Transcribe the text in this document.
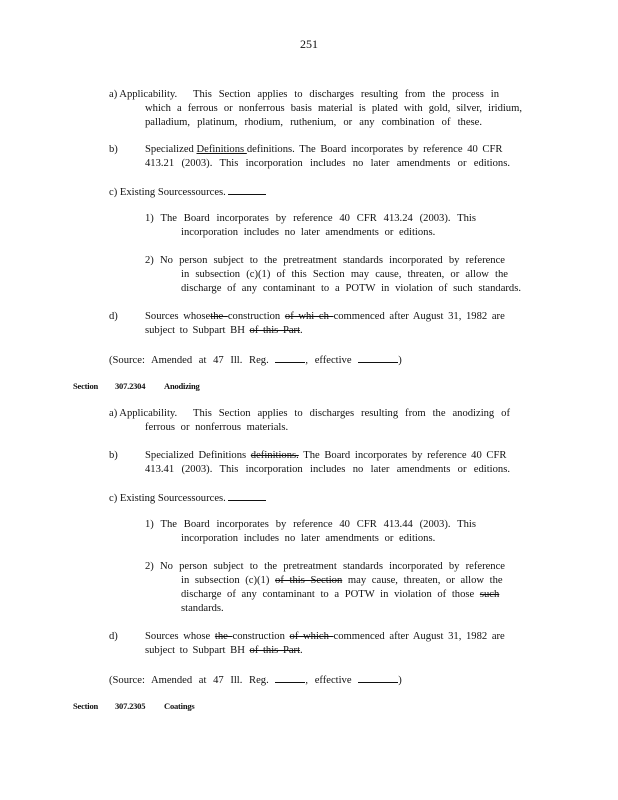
251
a) Applicability. This Section applies to discharges resulting from the process in
which a ferrous or nonferrous basis material is plated with gold, silver, iridium,
palladium, platinum, rhodium, ruthenium, or any combination of these.
b)	Specialized Definitions definitions. The Board incorporates by reference 40 CFR
413.21 (2003). This incorporation includes no later amendments or editions.
c) Existing Sourcessources.
1) The Board incorporates by reference 40 CFR 413.24 (2003). This
incorporation includes no later amendments or editions.
2) No person subject to the pretreatment standards incorporated by reference
in subsection (c)(1) of this Section may cause, threaten, or allow the
discharge of any contaminant to a POTW in violation of such standards.
d)	Sources whosethe construction of whi ch commenced after August 31, 1982 are
subject to Subpart BH of this Part.
(Source: Amended at 47 Ill. Reg.	, effective	)
Section 307.2304 Anodizing
a) Applicability. This Section applies to discharges resulting from the anodizing of
ferrous or nonferrous materials.
b)	Specialized Definitions definitions. The Board incorporates by reference 40 CFR
413.41 (2003). This incorporation includes no later amendments or editions.
c) Existing Sourcessources.
1) The Board incorporates by reference 40 CFR 413.44 (2003). This
incorporation includes no later amendments or editions.
2) No person subject to the pretreatment standards incorporated by reference
in subsection (c)(1) of this Section may cause, threaten, or allow the
discharge of any contaminant to a POTW in violation of those such
standards.
d)	Sources whose the construction of which commenced after August 31, 1982 are
subject to Subpart BH of this Part.
(Source: Amended at 47 Ill. Reg.	, effective	)
Section 307.2305 Coatings
